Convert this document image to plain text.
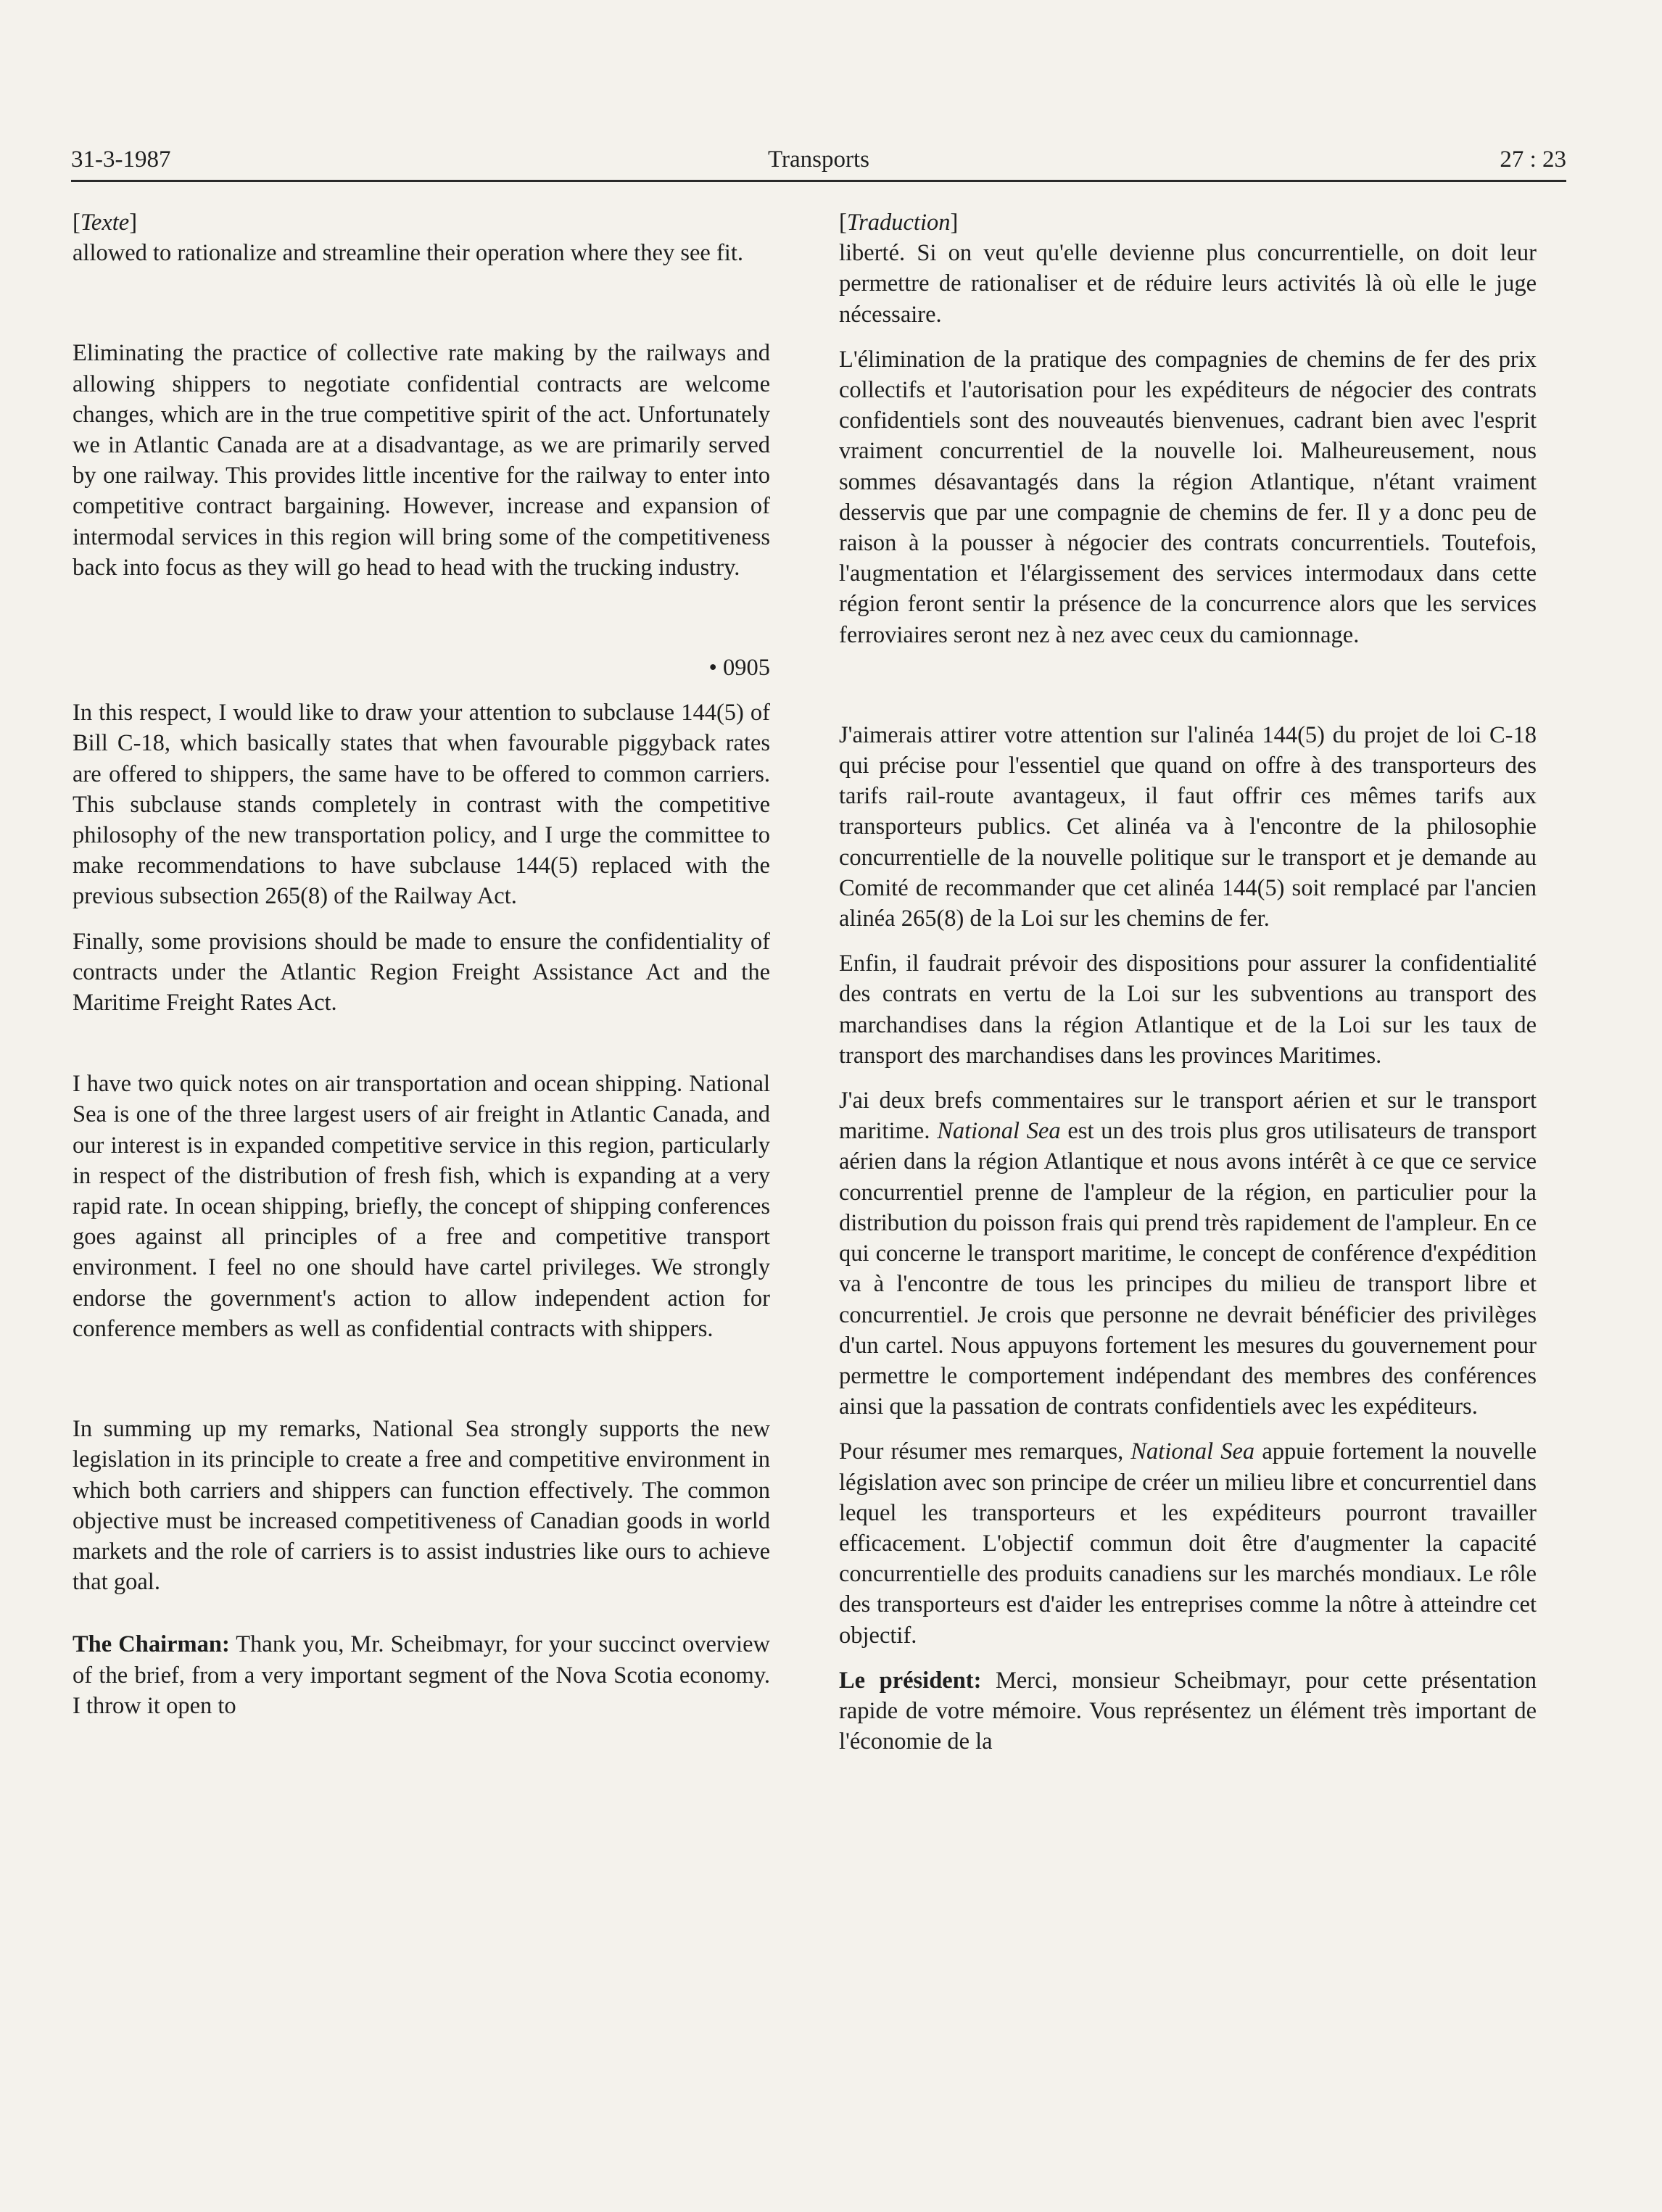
31-3-1987	Transports	27 : 23

[Texte]

allowed to rationalize and streamline their operation where they see fit.

Eliminating the practice of collective rate making by the railways and allowing shippers to negotiate confidential contracts are welcome changes, which are in the true competitive spirit of the act. Unfortunately we in Atlantic Canada are at a disadvantage, as we are primarily served by one railway. This provides little incentive for the railway to enter into competitive contract bargaining. However, increase and expansion of intermodal services in this region will bring some of the competitiveness back into focus as they will go head to head with the trucking industry.

• 0905

In this respect, I would like to draw your attention to subclause 144(5) of Bill C-18, which basically states that when favourable piggyback rates are offered to shippers, the same have to be offered to common carriers. This subclause stands completely in contrast with the competitive philosophy of the new transportation policy, and I urge the committee to make recommendations to have subclause 144(5) replaced with the previous subsection 265(8) of the Railway Act.

Finally, some provisions should be made to ensure the confidentiality of contracts under the Atlantic Region Freight Assistance Act and the Maritime Freight Rates Act.

I have two quick notes on air transportation and ocean shipping. National Sea is one of the three largest users of air freight in Atlantic Canada, and our interest is in expanded competitive service in this region, particularly in respect of the distribution of fresh fish, which is expanding at a very rapid rate. In ocean shipping, briefly, the concept of shipping conferences goes against all principles of a free and competitive transport environment. I feel no one should have cartel privileges. We strongly endorse the government's action to allow independent action for conference members as well as confidential contracts with shippers.

In summing up my remarks, National Sea strongly supports the new legislation in its principle to create a free and competitive environment in which both carriers and shippers can function effectively. The common objective must be increased competitiveness of Canadian goods in world markets and the role of carriers is to assist industries like ours to achieve that goal.

The Chairman: Thank you, Mr. Scheibmayr, for your succinct overview of the brief, from a very important segment of the Nova Scotia economy. I throw it open to

[Traduction]

liberté. Si on veut qu'elle devienne plus concurrentielle, on doit leur permettre de rationaliser et de réduire leurs activités là où elle le juge nécessaire.

L'élimination de la pratique des compagnies de chemins de fer des prix collectifs et l'autorisation pour les expéditeurs de négocier des contrats confidentiels sont des nouveautés bienvenues, cadrant bien avec l'esprit vraiment concurrentiel de la nouvelle loi. Malheureusement, nous sommes désavantagés dans la région Atlantique, n'étant vraiment desservis que par une compagnie de chemins de fer. Il y a donc peu de raison à la pousser à négocier des contrats concurrentiels. Toutefois, l'augmentation et l'élargissement des services intermodaux dans cette région feront sentir la présence de la concurrence alors que les services ferroviaires seront nez à nez avec ceux du camionnage.

J'aimerais attirer votre attention sur l'alinéa 144(5) du projet de loi C-18 qui précise pour l'essentiel que quand on offre à des transporteurs des tarifs rail-route avantageux, il faut offrir ces mêmes tarifs aux transporteurs publics. Cet alinéa va à l'encontre de la philosophie concurrentielle de la nouvelle politique sur le transport et je demande au Comité de recommander que cet alinéa 144(5) soit remplacé par l'ancien alinéa 265(8) de la Loi sur les chemins de fer.

Enfin, il faudrait prévoir des dispositions pour assurer la confidentialité des contrats en vertu de la Loi sur les subventions au transport des marchandises dans la région Atlantique et de la Loi sur les taux de transport des marchandises dans les provinces Maritimes.

J'ai deux brefs commentaires sur le transport aérien et sur le transport maritime. National Sea est un des trois plus gros utilisateurs de transport aérien dans la région Atlantique et nous avons intérêt à ce que ce service concurrentiel prenne de l'ampleur de la région, en particulier pour la distribution du poisson frais qui prend très rapidement de l'ampleur. En ce qui concerne le transport maritime, le concept de conférence d'expédition va à l'encontre de tous les principes du milieu de transport libre et concurrentiel. Je crois que personne ne devrait bénéficier des privilèges d'un cartel. Nous appuyons fortement les mesures du gouvernement pour permettre le comportement indépendant des membres des conférences ainsi que la passation de contrats confidentiels avec les expéditeurs.

Pour résumer mes remarques, National Sea appuie fortement la nouvelle législation avec son principe de créer un milieu libre et concurrentiel dans lequel les transporteurs et les expéditeurs pourront travailler efficacement. L'objectif commun doit être d'augmenter la capacité concurrentielle des produits canadiens sur les marchés mondiaux. Le rôle des transporteurs est d'aider les entreprises comme la nôtre à atteindre cet objectif.

Le président: Merci, monsieur Scheibmayr, pour cette présentation rapide de votre mémoire. Vous représentez un élément très important de l'économie de la
